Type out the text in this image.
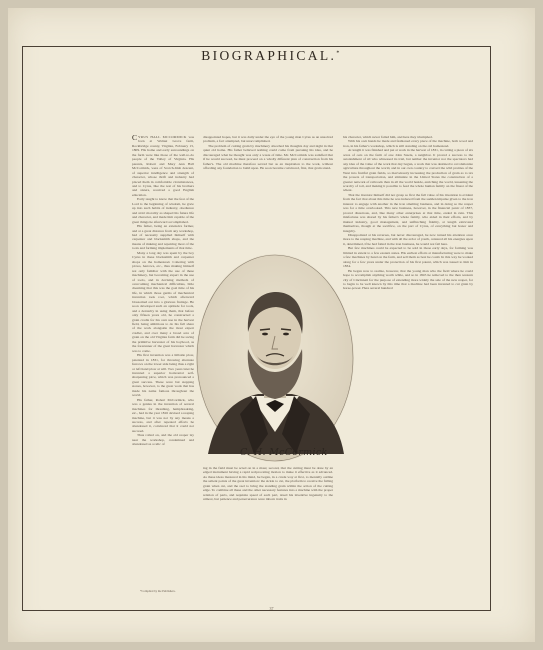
BIOGRAPHICAL.*

CYRUS HALL MCCORMICK was born at Walnut Grove farm, Rockbridge county, Virginia, February 15, 1809. His home and early surroundings on the farm were like those of the well-to-do people of the Valley of Virginia. His parents, Robert and Mary Ann Hall McCormick, were of Scotch-Irish descent, of superior intelligence and strength of character, whose thrift and industry had placed them in comfortable circumstances, and to Cyrus, like the rest of his brothers and sisters, received a good English education.

Early taught to know that the fear of the Lord is the beginning of wisdom, he grew up into such habits of industry, obedience and strict morality as shaped his future life and character, and made him capable of the great things he afterward accomplished.

His father, being an extensive farmer, and at a great distance from any workshop, had of necessity supplied himself with carpenter and blacksmith shops, and the means of making and repairing most of the tools and farming implements of that time.

Many a long day was spent by the boy Cyrus in these blacksmith and carpenter shops on the homestead. Cohering with plows, harrows, etc., thus making himself not only familiar with the use of these machinery, but becoming expert in the use of tools, and in devising methods of overcoming mechanical difficulties, little dreaming that this was the goal time of his life, in which those germs of mechanical invention took root, which afterward blossomed out into a glorious fruitage. He soon developed such an aptitude for tools, and a dexterity in using them, that before only fifteen years old, he constructed a grain cradle for his own use in the harvest field, being ambitious to do his full share of the work alongside the most expert cradler, and over many a broad acre of grain on the old Virginia farm did he swing the primitive harvester of his boyhood, as the forerunner of the great harvester which was to come.

His first invention was a hillside plow, patented in 1831, for throwing alternate furrows on the lower side being thus a right or left hand plow at will. Two years later he invented a superior horizontal self-sharpening plow, which was pronounced a great success. These were but stepping stones, however, to the great work that has made his name famous throughout the world.

His father, Robert McCormick, who was a genius in the invention of several machines for threshing, hempbreaking, etc., had in the year 1816 devised a reaping machine, but it was not by any means a success, and after repeated efforts he abandoned it, convinced that it could not succeed.

Thus rolled on, and the old reaper lay near the workshop, condemned and abandoned as a relic of

*Compiled by the Publishers.

disappointed hopes, but it was daily under the eye of the young man Cyrus as an unsolved problem, a fact attempted, but unaccomplished.

The problem of cutting grain by machinery absorbed his thoughts day and night in that quiet old home. His father believed nothing could come from pursuing his idea, and he discouraged what he thought was only a waste of time. Mr. McCormick was satisfied that if he would succeed, he must proceed on a wholly different plan of construction from his father's. The old machine therefore served but as an inspiration to the work, without affording any foundation to build upon. He soon became convinced, first, that grain stand-

C. H. McCormick

ing in the field must be acted on in a mass; second, that the cutting must be done by an edged instrument having a rapid reciprocating motion to make it effective as it advanced. As these ideas mastered in his mind, he began, in a crude way at first, to mentally outline the salient points of the great invention: the sickle to cut, the platform to receive the falling grain when cut, and the reel to bring the standing grain within the action of the cutting edge. To combine all these and the other necessary features into a machine with the proper relation of parts, and requisite speed of each part, taxed his inventive ingenuity to the utmost, but patience and perseverance were inborn traits in

his character, which never failed him, and here they triumphed.

With his own hands he made and fashioned every piece of the machine, both wood and iron, in his father's workshop, which is still standing on the old homestead.

At length it was finished and put at work in the harvest of 1831, in cutting a piece of six acres of oats on the farm of one John Steele, a neighbor. It proved a success to the astonishment of all who witnessed its trial, but neither the inventor nor the spectators had any idea of the value of the work that day begun, a work that was destined to revolutionize agriculture throughout the world, and in our own country to convert the wild prairies of the West into fruitful grain fields, so marvelously increasing the production of grain as to tax the powers of transportation, and stimulate in the United States the construction of a greater network of railroads than in all the world beside, enriching the world, lessening the scarcity of toil, and making it possible to feed the whole human family on the finest of the wheat.

That the inventor himself did not grasp so first the full value of his invention is evident from the fact that about this time he was induced from the sudden impulse given to the iron interest to engage with another in the iron smelting business, and in doing so the reaper was for a time overlooked. This new business, however, in the financial panic of 1837, proved disastrous, and, like many other enterprises at that time, ended in ruin. This misfortune was shared by his father's whole family, who aided in their efforts, and by mutual industry, good management, and unflinching fidelity, at length extricated themselves, though at the sacrifice, on the part of Cyrus, of everything but honor and integrity.

Disappointed at his reverses, but never discouraged, he now turned his attention once more to the reaping machine, and with all the ardor of youth, centered all his energies upon it, determined, if he had failed in the iron business, he would not fail here.

But few machines could be expected to be sold in those early days, for farming was limited in extent to a few eastern states. His earliest efforts at manufacturing were to make a few machines by hand on the farm, and sell them as best he could. In this way he worked along for a few years under the protection of his first patent, which was issued to him in 1834.

He began now to realize, however, that the young man who the field where he could hope to accomplish anything worth while, and so in 1845 he removed to the then western city of Cincinnati for the purpose of extending more widely the sale of the new reaper, for to begin to be well known by this time that a machine had been invented to cut grain by horse-power. Here several hundred

37
